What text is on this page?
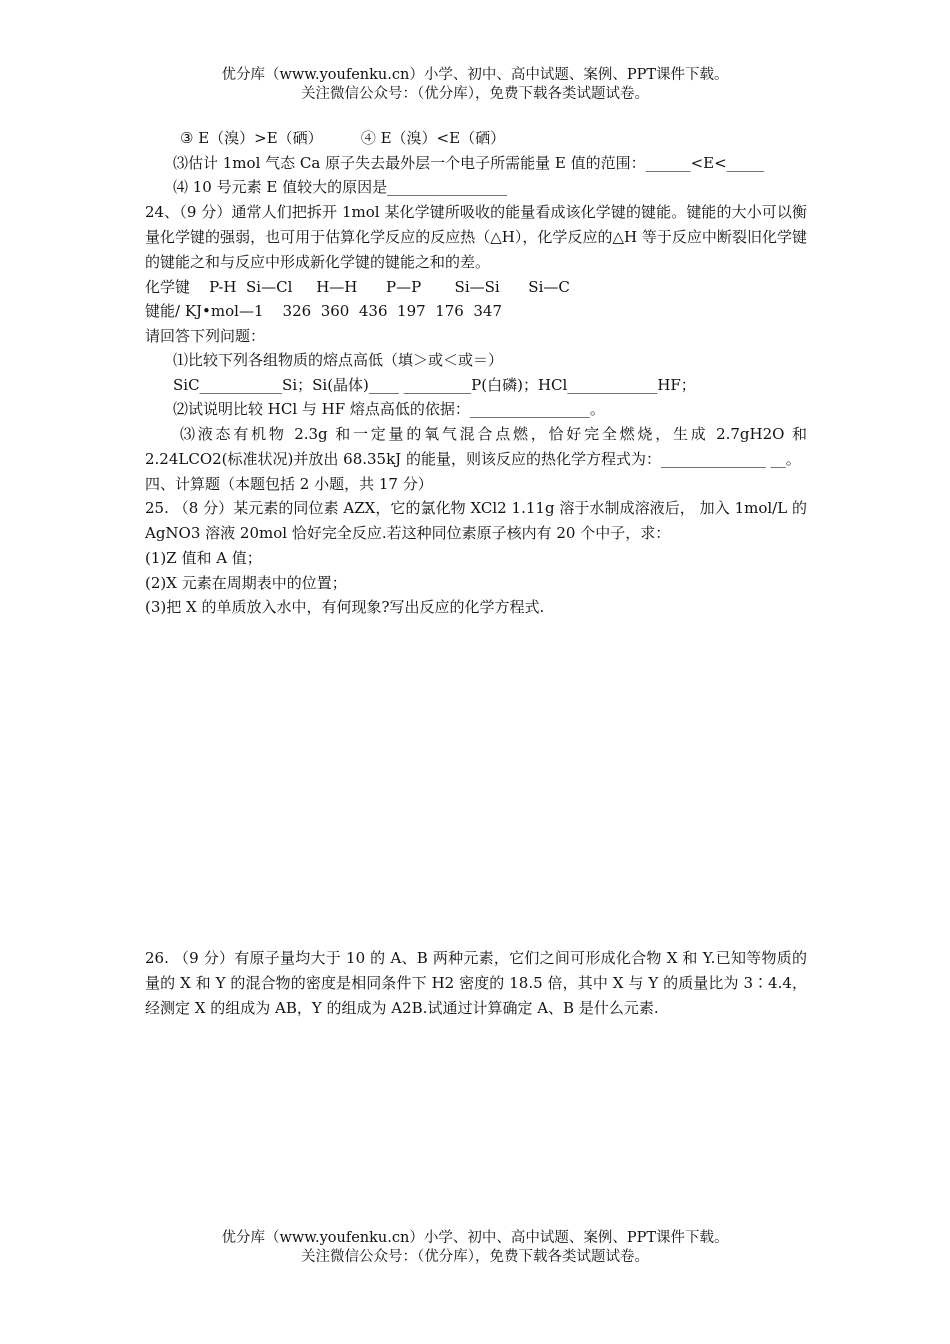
优分库（www.youfenku.cn）小学、初中、高中试题、案例、PPT课件下载。
关注微信公众号：（优分库），免费下载各类试题试卷。
③ E（溴）>E（硒）        ④ E（溴）<E（硒）
⑶估计 1mol 气态 Ca 原子失去最外层一个电子所需能量 E 值的范围：______<E<_____
⑷ 10 号元素 E 值较大的原因是________________
24、（9 分）通常人们把拆开 1mol 某化学键所吸收的能量看成该化学键的键能。键能的大小可以衡量化学键的强弱，也可用于估算化学反应的反应热（△H），化学反应的△H 等于反应中断裂旧化学键的键能之和与反应中形成新化学键的键能之和的差。
化学键    P-H  Si—Cl     H—H      P—P       Si—Si      Si—C
键能/ KJ•mol—1    326  360  436  197  176  347
请回答下列问题：
⑴比较下列各组物质的熔点高低（填＞或＜或＝）
SiC___________Si；Si(晶体)____ _________P(白磷)；HCl____________HF；
⑵试说明比较 HCl 与 HF 熔点高低的依据：________________。
⑶液态有机物 2.3g 和一定量的氧气混合点燃，恰好完全燃烧，生成 2.7gH2O 和 2.24LCO2(标准状况)并放出 68.35kJ 的能量，则该反应的热化学方程式为：______________ __。
四、计算题（本题包括 2 小题，共 17 分）
25. （8 分）某元素的同位素 AZX，它的氯化物 XCl2 1.11g 溶于水制成溶液后， 加入 1mol/L 的 AgNO3 溶液 20mol 恰好完全反应.若这种同位素原子核内有 20 个中子，求：
(1)Z 值和 A 值；
(2)X 元素在周期表中的位置；
(3)把 X 的单质放入水中，有何现象?写出反应的化学方程式.
26. （9 分）有原子量均大于 10 的 A、B 两种元素，它们之间可形成化合物 X 和 Y.已知等物质的量的 X 和 Y 的混合物的密度是相同条件下 H2 密度的 18.5 倍，其中 X 与 Y 的质量比为 3∶4.4，经测定 X 的组成为 AB，Y 的组成为 A2B.试通过计算确定 A、B 是什么元素.
优分库（www.youfenku.cn）小学、初中、高中试题、案例、PPT课件下载。
关注微信公众号：（优分库），免费下载各类试题试卷。
